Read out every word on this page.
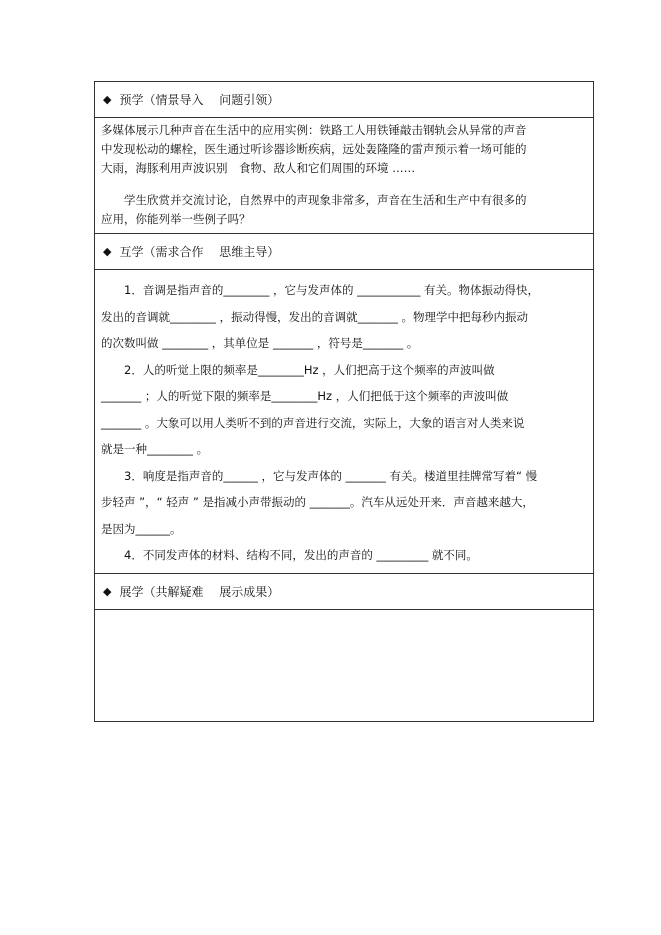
◆ 预学（情景导入　 问题引领）

多媒体展示几种声音在生活中的应用实例：铁路工人用铁锤敲击钢轨会从异常的声音

中发现松动的螺栓，医生通过听诊器诊断疾病，远处轰隆隆的雷声预示着一场可能的

大雨，海豚利用声波识别　食物、敌人和它们周围的环境 ……

学生欣赏并交流讨论，自然界中的声现象非常多，声音在生活和生产中有很多的

应用，你能列举一些例子吗？

◆ 互学（需求合作　 思维主导）

1．音调是指声音的________ ，它与发声体的 ___________ 有关。物体振动得快，

发出的音调就________ ，振动得慢，发出的音调就_______ 。物理学中把每秒内振动

的次数叫做 ________ ，其单位是 _______ ，符号是_______ 。

2．人的听觉上限的频率是________Hz ，人们把高于这个频率的声波叫做

_______ ；人的听觉下限的频率是________Hz ，人们把低于这个频率的声波叫做

_______ 。大象可以用人类听不到的声音进行交流，实际上，大象的语言对人类来说

就是一种________ 。

3．响度是指声音的______ ，它与发声体的 _______ 有关。楼道里挂牌常写着“ 慢

步轻声 ”，“ 轻声 ” 是指减小声带振动的 _______。汽车从远处开来．声音越来越大，

是因为______。

4．不同发声体的材料、结构不同，发出的声音的 _________ 就不同。

◆ 展学（共解疑难　 展示成果）
